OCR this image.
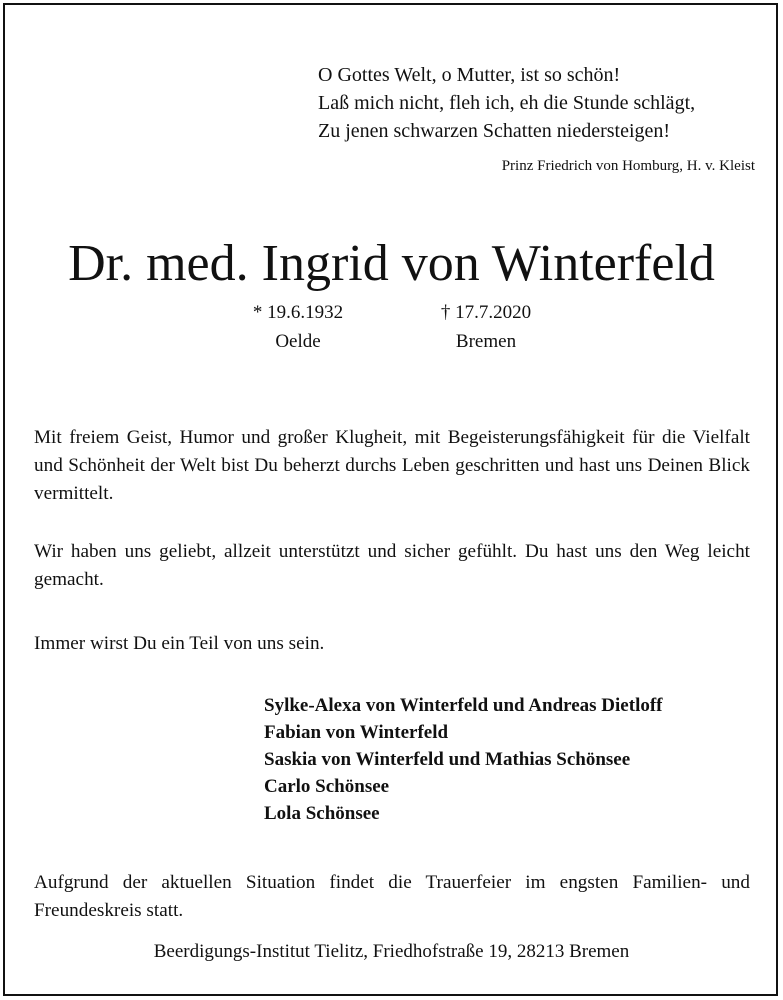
O Gottes Welt, o Mutter, ist so schön!
Laß mich nicht, fleh ich, eh die Stunde schlägt,
Zu jenen schwarzen Schatten niedersteigen!
Prinz Friedrich von Homburg, H. v. Kleist
Dr. med. Ingrid von Winterfeld
* 19.6.1932
Oelde
† 17.7.2020
Bremen
Mit freiem Geist, Humor und großer Klugheit, mit Begeisterungsfähigkeit für die Vielfalt und Schönheit der Welt bist Du beherzt durchs Leben geschritten und hast uns Deinen Blick vermittelt.
Wir haben uns geliebt, allzeit unterstützt und sicher gefühlt. Du hast uns den Weg leicht gemacht.
Immer wirst Du ein Teil von uns sein.
Sylke-Alexa von Winterfeld und Andreas Dietloff
Fabian von Winterfeld
Saskia von Winterfeld und Mathias Schönsee
Carlo Schönsee
Lola Schönsee
Aufgrund der aktuellen Situation findet die Trauerfeier im engsten Familien- und Freundeskreis statt.
Beerdigungs-Institut Tielitz, Friedhofstraße 19, 28213 Bremen
